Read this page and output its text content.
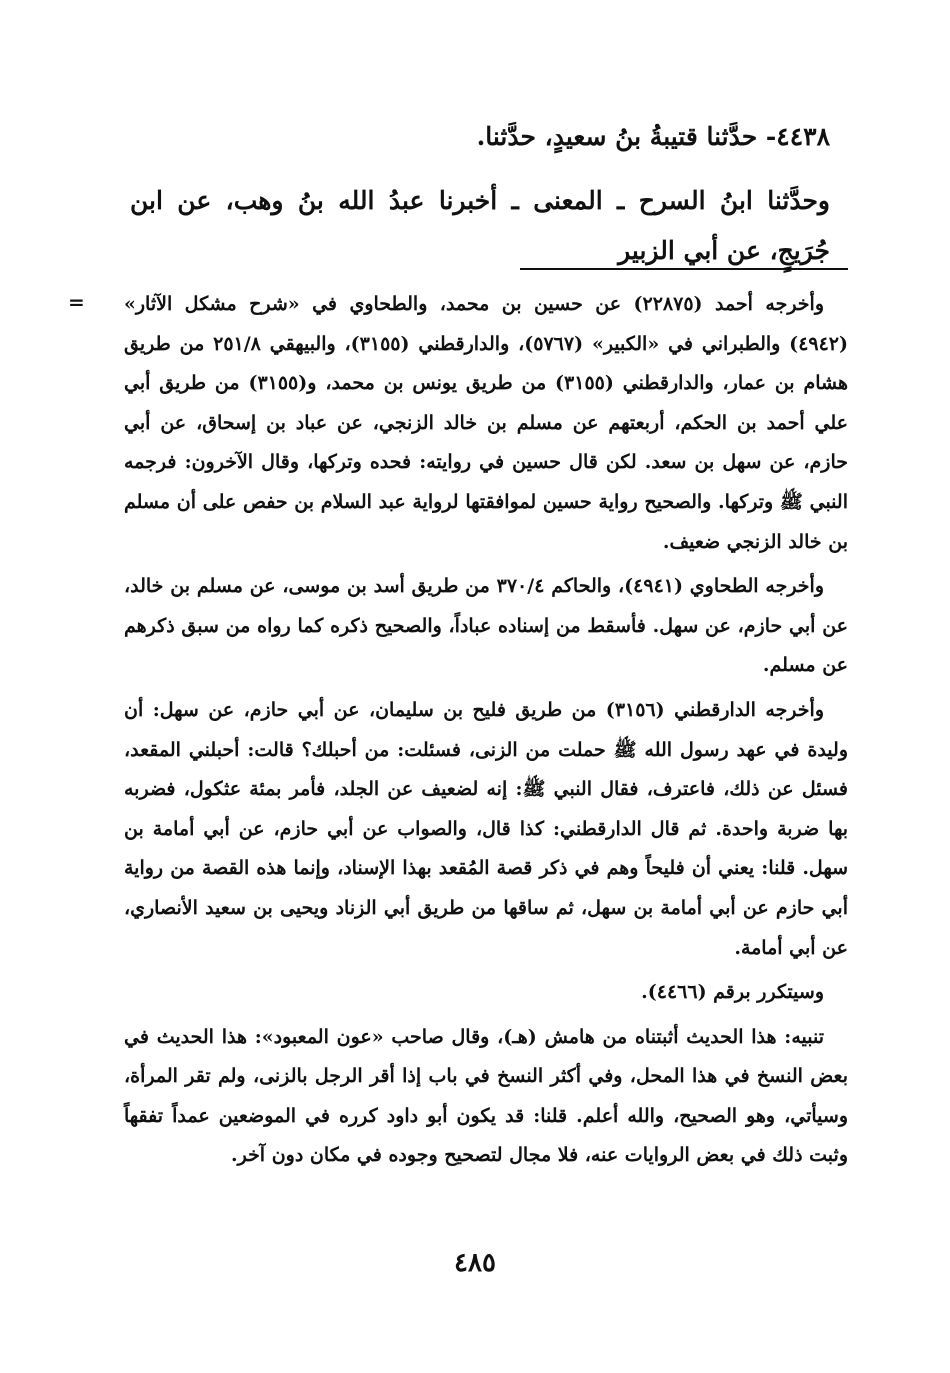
٤٤٣٨- حدَّثنا قتيبةُ بنُ سعيدٍ، حدَّثنا.

وحدَّثنا ابنُ السرح ـ المعنى ـ أخبرنا عبدُ الله بنُ وهب، عن ابن جُرَيجٍ، عن أبي الزبير

= وأخرجه أحمد (٢٢٨٧٥) عن حسين بن محمد، والطحاوي في «شرح مشكل الآثار» (٤٩٤٢) والطبراني في «الكبير» (٥٧٦٧)، والدارقطني (٣١٥٥)، والبيهقي ٢٥١/٨ من طريق هشام بن عمار، والدارقطني (٣١٥٥) من طريق يونس بن محمد، و(٣١٥٥) من طريق أبي علي أحمد بن الحكم، أربعتهم عن مسلم بن خالد الزنجي، عن عباد بن إسحاق، عن أبي حازم، عن سهل بن سعد. لكن قال حسين في روايته: فحده وتركها، وقال الآخرون: فرجمه النبي ﷺ وتركها. والصحيح رواية حسين لموافقتها لرواية عبد السلام بن حفص على أن مسلم بن خالد الزنجي ضعيف.

وأخرجه الطحاوي (٤٩٤١)، والحاكم ٣٧٠/٤ من طريق أسد بن موسى، عن مسلم بن خالد، عن أبي حازم، عن سهل. فأسقط من إسناده عباداً، والصحيح ذكره كما رواه من سبق ذكرهم عن مسلم.

وأخرجه الدارقطني (٣١٥٦) من طريق فليح بن سليمان، عن أبي حازم، عن سهل: أن وليدة في عهد رسول الله ﷺ حملت من الزنى، فسئلت: من أحبلك؟ قالت: أحبلني المقعد، فسئل عن ذلك، فاعترف، فقال النبي ﷺ: إنه لضعيف عن الجلد، فأمر بمئة عثكول، فضربه بها ضربة واحدة. ثم قال الدارقطني: كذا قال، والصواب عن أبي حازم، عن أبي أمامة بن سهل. قلنا: يعني أن فليحاً وهم في ذكر قصة المُقعد بهذا الإسناد، وإنما هذه القصة من رواية أبي حازم عن أبي أمامة بن سهل، ثم ساقها من طريق أبي الزناد ويحيى بن سعيد الأنصاري، عن أبي أمامة.

وسيتكرر برقم (٤٤٦٦).

تنبيه: هذا الحديث أثبتناه من هامش (هـ)، وقال صاحب «عون المعبود»: هذا الحديث في بعض النسخ في هذا المحل، وفي أكثر النسخ في باب إذا أقر الرجل بالزنى، ولم تقر المرأة، وسيأتي، وهو الصحيح، والله أعلم. قلنا: قد يكون أبو داود كرره في الموضعين عمداً تفقهاً وثبت ذلك في بعض الروايات عنه، فلا مجال لتصحيح وجوده في مكان دون آخر.

٤٨٥
